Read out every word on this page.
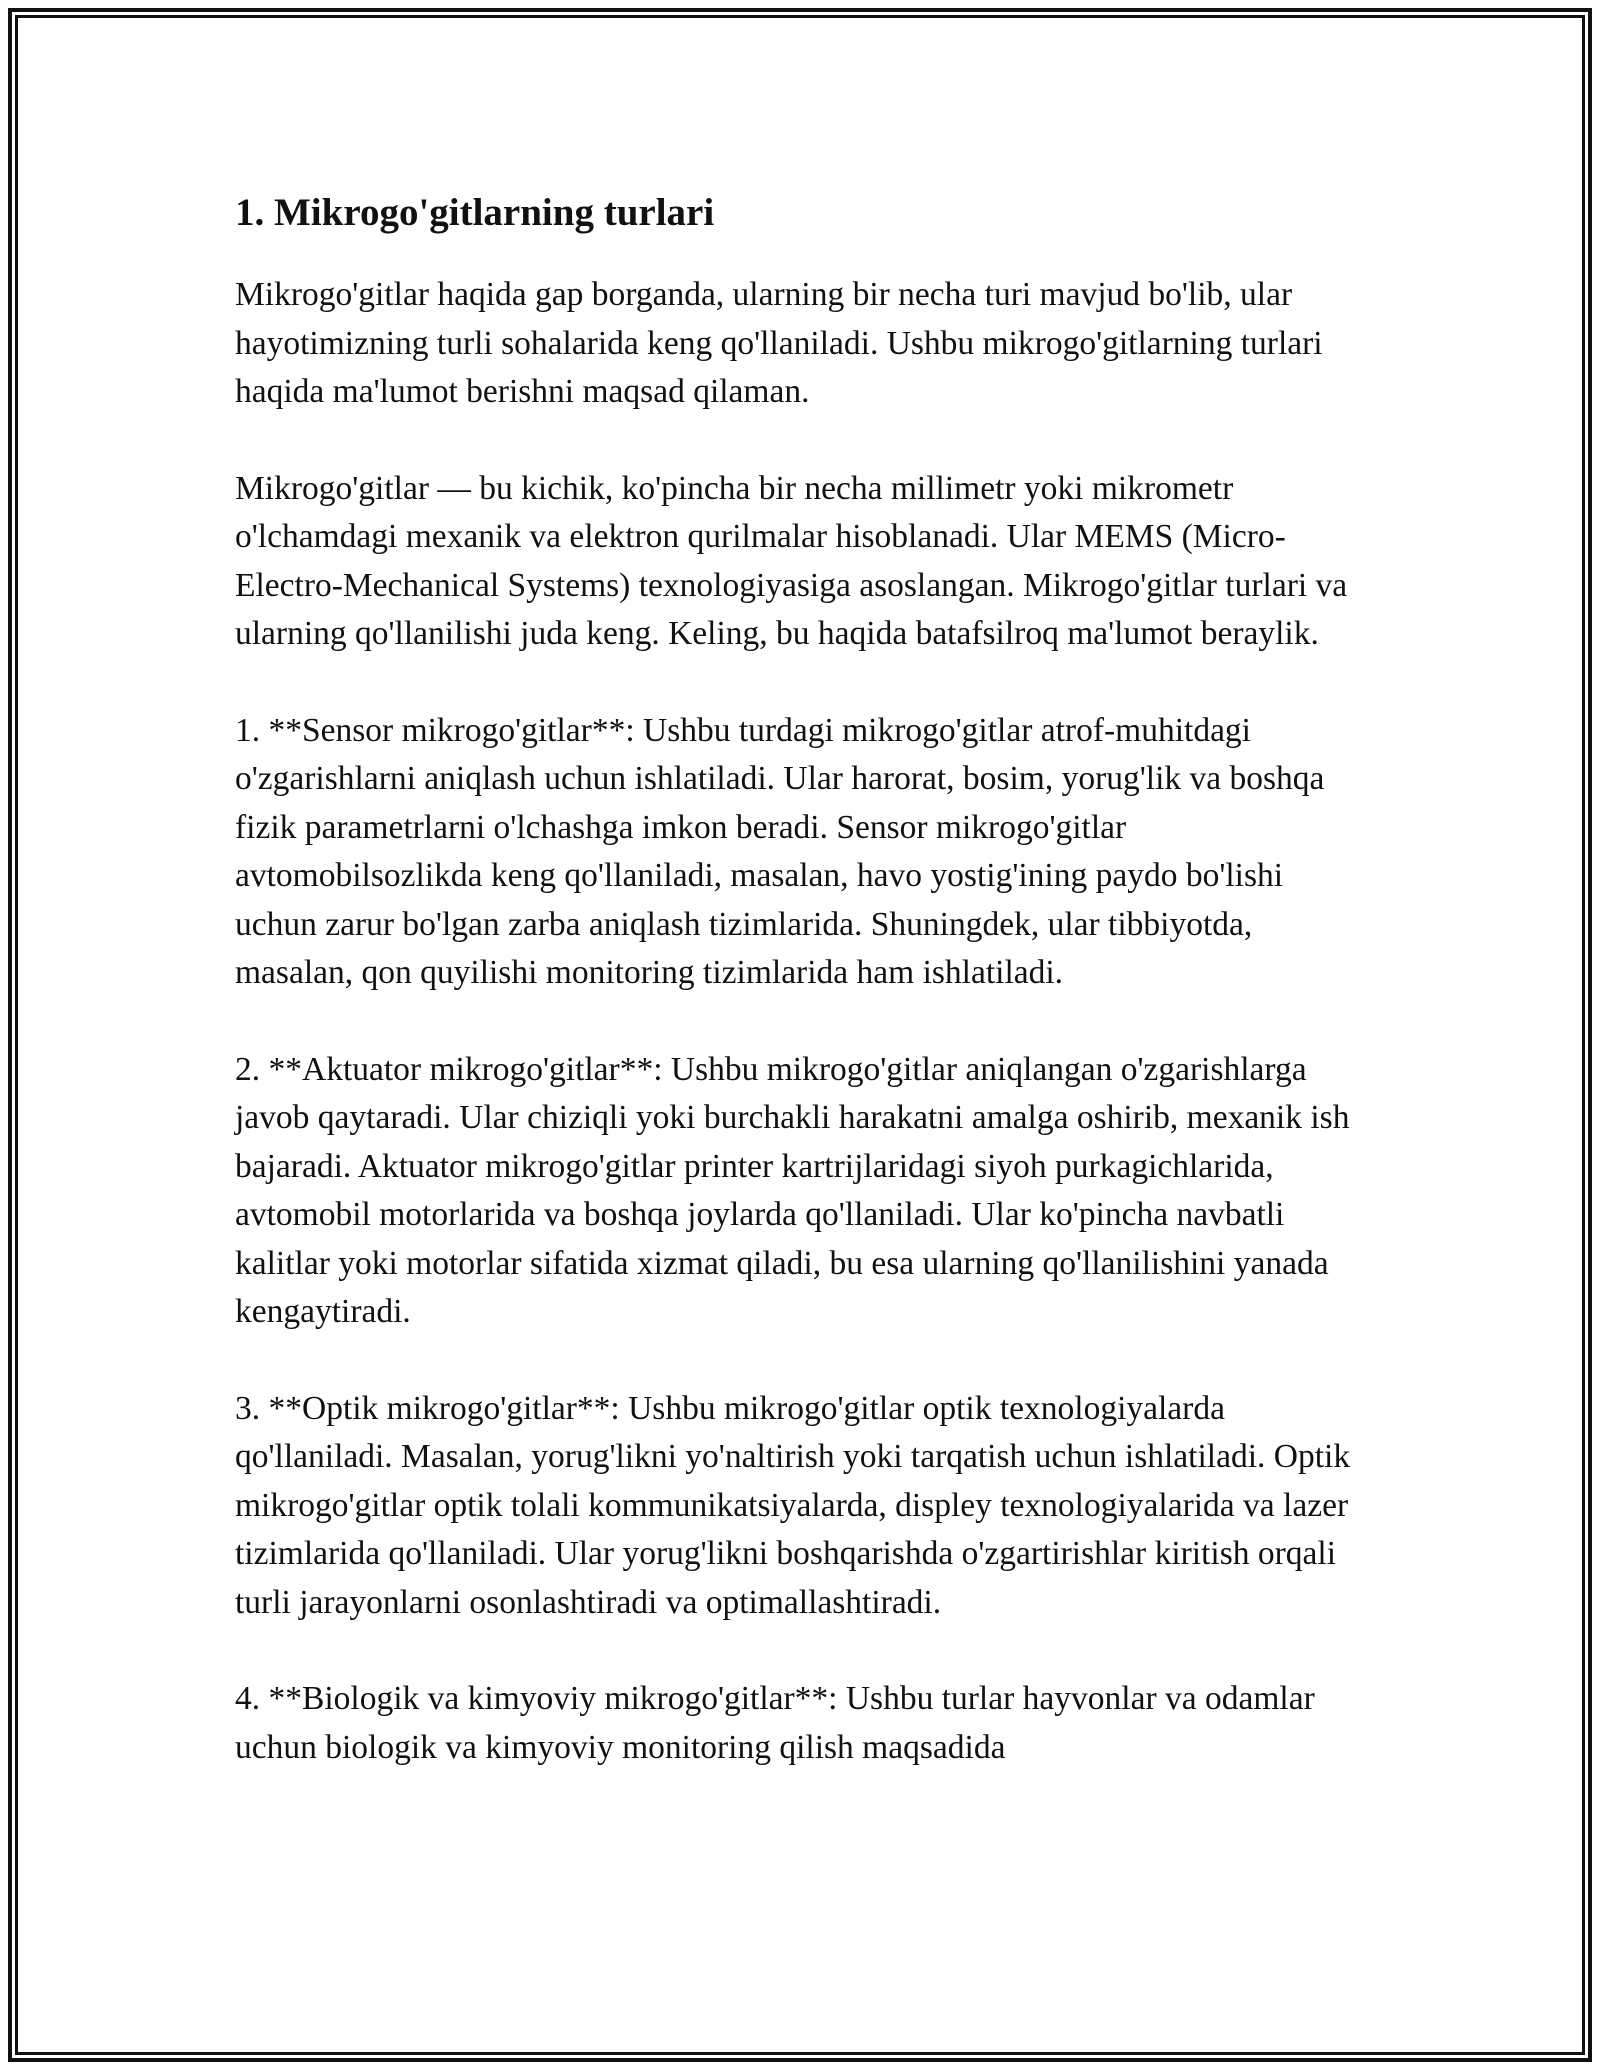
1. Mikrogo'gitlarning turlari

Mikrogo'gitlar haqida gap borganda, ularning bir necha turi mavjud bo'lib, ular hayotimizning turli sohalarida keng qo'llaniladi. Ushbu mikrogo'gitlarning turlari haqida ma'lumot berishni maqsad qilaman.

Mikrogo'gitlar — bu kichik, ko'pincha bir necha millimetr yoki mikrometr o'lchamdagi mexanik va elektron qurilmalar hisoblanadi. Ular MEMS (Micro-Electro-Mechanical Systems) texnologiyasiga asoslangan. Mikrogo'gitlar turlari va ularning qo'llanilishi juda keng. Keling, bu haqida batafsilroq ma'lumot beraylik.

1. **Sensor mikrogo'gitlar**: Ushbu turdagi mikrogo'gitlar atrof-muhitdagi o'zgarishlarni aniqlash uchun ishlatiladi. Ular harorat, bosim, yorug'lik va boshqa fizik parametrlarni o'lchashga imkon beradi. Sensor mikrogo'gitlar avtomobilsozlikda keng qo'llaniladi, masalan, havo yostig'ining paydo bo'lishi uchun zarur bo'lgan zarba aniqlash tizimlarida. Shuningdek, ular tibbiyotda, masalan, qon quyilishi monitoring tizimlarida ham ishlatiladi.

2. **Aktuator mikrogo'gitlar**: Ushbu mikrogo'gitlar aniqlangan o'zgarishlarga javob qaytaradi. Ular chiziqli yoki burchakli harakatni amalga oshirib, mexanik ish bajaradi. Aktuator mikrogo'gitlar printer kartrijlaridagi siyoh purkagichlarida, avtomobil motorlarida va boshqa joylarda qo'llaniladi. Ular ko'pincha navbatli kalitlar yoki motorlar sifatida xizmat qiladi, bu esa ularning qo'llanilishini yanada kengaytiradi.

3. **Optik mikrogo'gitlar**: Ushbu mikrogo'gitlar optik texnologiyalarda qo'llaniladi. Masalan, yorug'likni yo'naltirish yoki tarqatish uchun ishlatiladi. Optik mikrogo'gitlar optik tolali kommunikatsiyalarda, displey texnologiyalarida va lazer tizimlarida qo'llaniladi. Ular yorug'likni boshqarishda o'zgartirishlar kiritish orqali turli jarayonlarni osonlashtiradi va optimallashtiradi.

4. **Biologik va kimyoviy mikrogo'gitlar**: Ushbu turlar hayvonlar va odamlar uchun biologik va kimyoviy monitoring qilish maqsadida
